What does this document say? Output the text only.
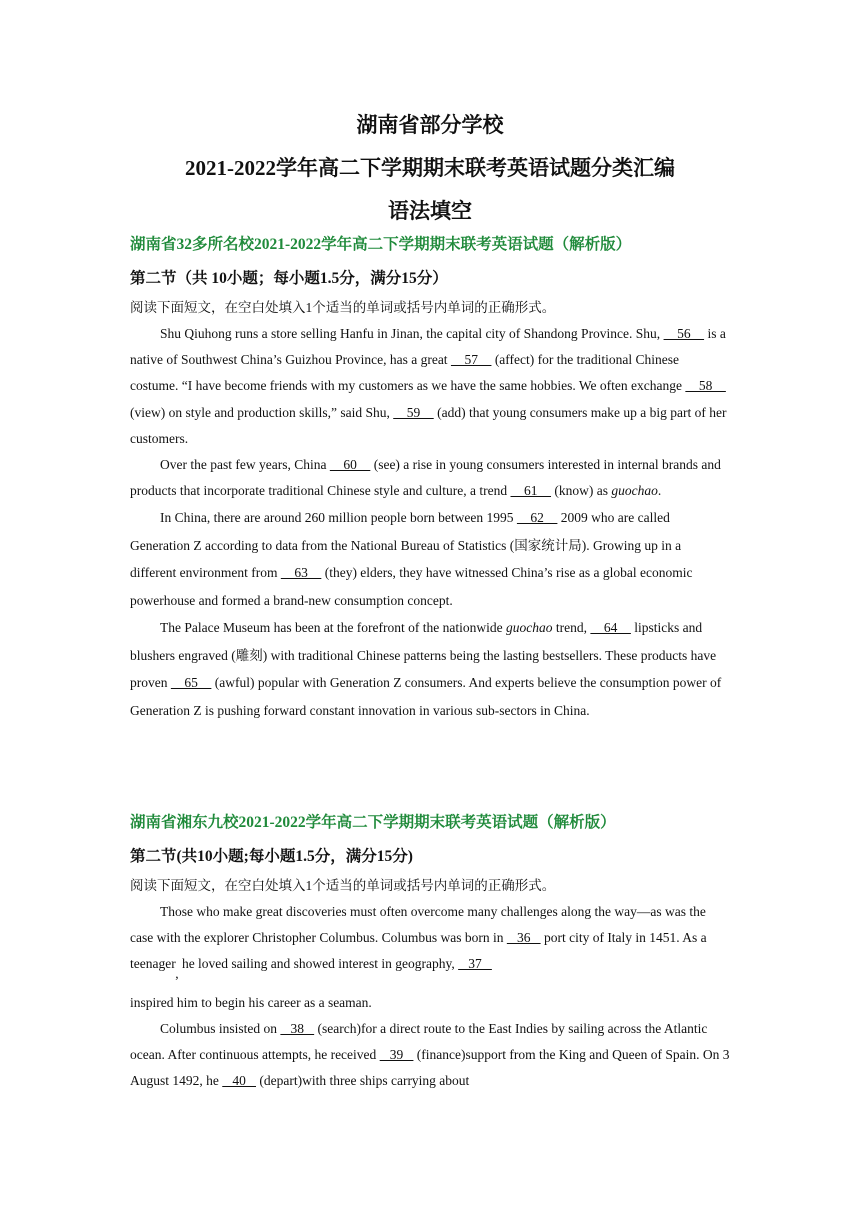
湖南省部分学校
2021-2022学年高二下学期期末联考英语试题分类汇编
语法填空
湖南省32多所名校2021-2022学年高二下学期期末联考英语试题（解析版）
第二节（共 10小题；每小题1.5分，满分15分）
阅读下面短文，在空白处填入1个适当的单词或括号内单词的正确形式。

Shu Qiuhong runs a store selling Hanfu in Jinan, the capital city of Shandong Province. Shu,     56     is a native of Southwest China’s Guizhou Province, has a great     57     (affect) for the traditional Chinese costume. “I have become friends with my customers as we have the same hobbies. We often exchange     58     (view) on style and production skills,” said Shu,     59     (add) that young consumers make up a big part of her customers.

Over the past few years, China     60     (see) a rise in young consumers interested in internal brands and products that incorporate traditional Chinese style and culture, a trend     61     (know) as guochao.

In China, there are around 260 million people born between 1995     62     2009 who are called Generation Z according to data from the National Bureau of Statistics (国家统计局). Growing up in a different environment from     63     (they) elders, they have witnessed China’s rise as a global economic powerhouse and formed a brand-new consumption concept.

The Palace Museum has been at the forefront of the nationwide guochao trend,     64     lipsticks and blushers engraved (雕刻) with traditional Chinese patterns being the lasting bestsellers. These products have proven     65     (awful) popular with Generation Z consumers. And experts believe the consumption power of Generation Z is pushing forward constant innovation in various sub-sectors in China.

湖南省湘东九校2021-2022学年高二下学期期末联考英语试题（解析版）
第二节(共10小题;每小题1.5分，满分15分)
阅读下面短文，在空白处填入1个适当的单词或括号内单词的正确形式。

Those who make great discoveries must often overcome many challenges along the way—as was the case with the explorer Christopher Columbus. Columbus was born in    36    port city of Italy in 1451. As a teenager, he loved sailing and showed interest in geography,    37
inspired him to begin his career as a seaman.

Columbus insisted on    38    (search)for a direct route to the East Indies by sailing across the Atlantic ocean. After continuous attempts, he received    39    (finance)support from the King and Queen of Spain. On 3 August 1492, he    40    (depart)with three ships carrying about
